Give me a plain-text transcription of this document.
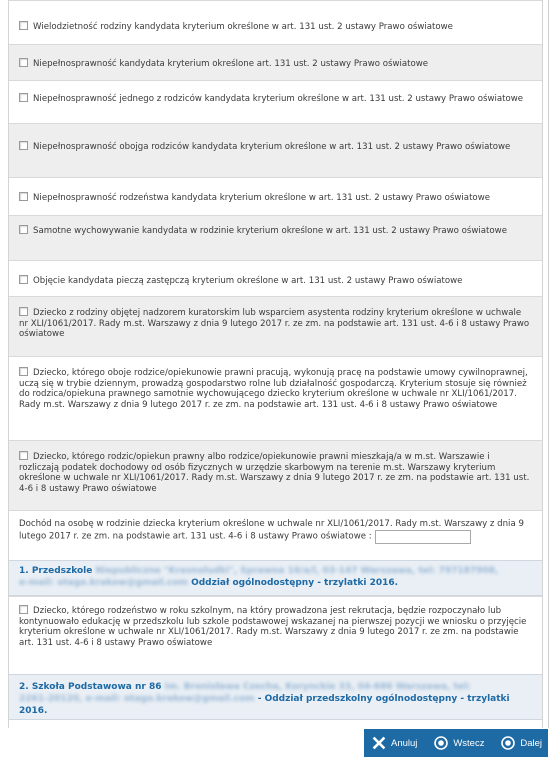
Wielodzietność rodziny kandydata kryterium określone w art. 131 ust. 2 ustawy Prawo oświatowe
Niepełnosprawność kandydata kryterium określone art. 131 ust. 2 ustawy Prawo oświatowe
Niepełnosprawność jednego z rodziców kandydata kryterium określone w art. 131 ust. 2 ustawy Prawo oświatowe
Niepełnosprawność obojga rodziców kandydata kryterium określone w art. 131 ust. 2 ustawy Prawo oświatowe
Niepełnosprawność rodzeństwa kandydata kryterium określone w art. 131 ust. 2 ustawy Prawo oświatowe
Samotne wychowywanie kandydata w rodzinie kryterium określone w art. 131 ust. 2 ustawy Prawo oświatowe
Objęcie kandydata pieczą zastępczą kryterium określone w art. 131 ust. 2 ustawy Prawo oświatowe
Dziecko z rodziny objętej nadzorem kuratorskim lub wsparciem asystenta rodziny kryterium określone w uchwale nr XLI/1061/2017. Rady m.st. Warszawy z dnia 9 lutego 2017 r. ze zm. na podstawie art. 131 ust. 4-6 i 8 ustawy Prawo oświatowe
Dziecko, którego oboje rodzice/opiekunowie prawni pracują, wykonują pracę na podstawie umowy cywilnoprawnej, uczą się w trybie dziennym, prowadzą gospodarstwo rolne lub działalność gospodarczą. Kryterium stosuje się również do rodzica/opiekuna prawnego samotnie wychowującego dziecko kryterium określone w uchwale nr XLI/1061/2017. Rady m.st. Warszawy z dnia 9 lutego 2017 r. ze zm. na podstawie art. 131 ust. 4-6 i 8 ustawy Prawo oświatowe
Dziecko, którego rodzic/opiekun prawny albo rodzice/opiekunowie prawni mieszkają/a w m.st. Warszawie i rozliczają podatek dochodowy od osób fizycznych w urzędzie skarbowym na terenie m.st. Warszawy kryterium określone w uchwale nr XLI/1061/2017. Rady m.st. Warszawy z dnia 9 lutego 2017 r. ze zm. na podstawie art. 131 ust. 4-6 i 8 ustawy Prawo oświatowe
Dochód na osobę w rodzinie dziecka kryterium określone w uchwale nr XLI/1061/2017. Rady m.st. Warszawy z dnia 9 lutego 2017 r. ze zm. na podstawie art. 131 ust. 4-6 i 8 ustawy Prawo oświatowe :
1. Przedszkole Niepubliczne "Krasnoludki", Sprawna 16/a/l, 03-147 Warszawa, tel: 797187908,
e-mail: otago.krakow@gmail.com Oddział ogólnodostępny - trzylatki 2016.
Dziecko, którego rodzeństwo w roku szkolnym, na który prowadzona jest rekrutacja, będzie rozpoczynało lub kontynuowało edukację w przedszkolu lub szkole podstawowej wskazanej na pierwszej pozycji we wniosku o przyjęcie kryterium określone w uchwale nr XLI/1061/2017. Rady m.st. Warszawy z dnia 9 lutego 2017 r. ze zm. na podstawie art. 131 ust. 4-6 i 8 ustawy Prawo oświatowe
2. Szkoła Podstawowa nr 86 im. Bronisława Czecha, Korynckie 33, 04-686 Warszawa, tel:
2261-20120, e-mail: otago.krakow@gmail.com - Oddział przedszkolny ogólnodostępny - trzylatki 2016.
Anuluj	Wstecz	Dalej
